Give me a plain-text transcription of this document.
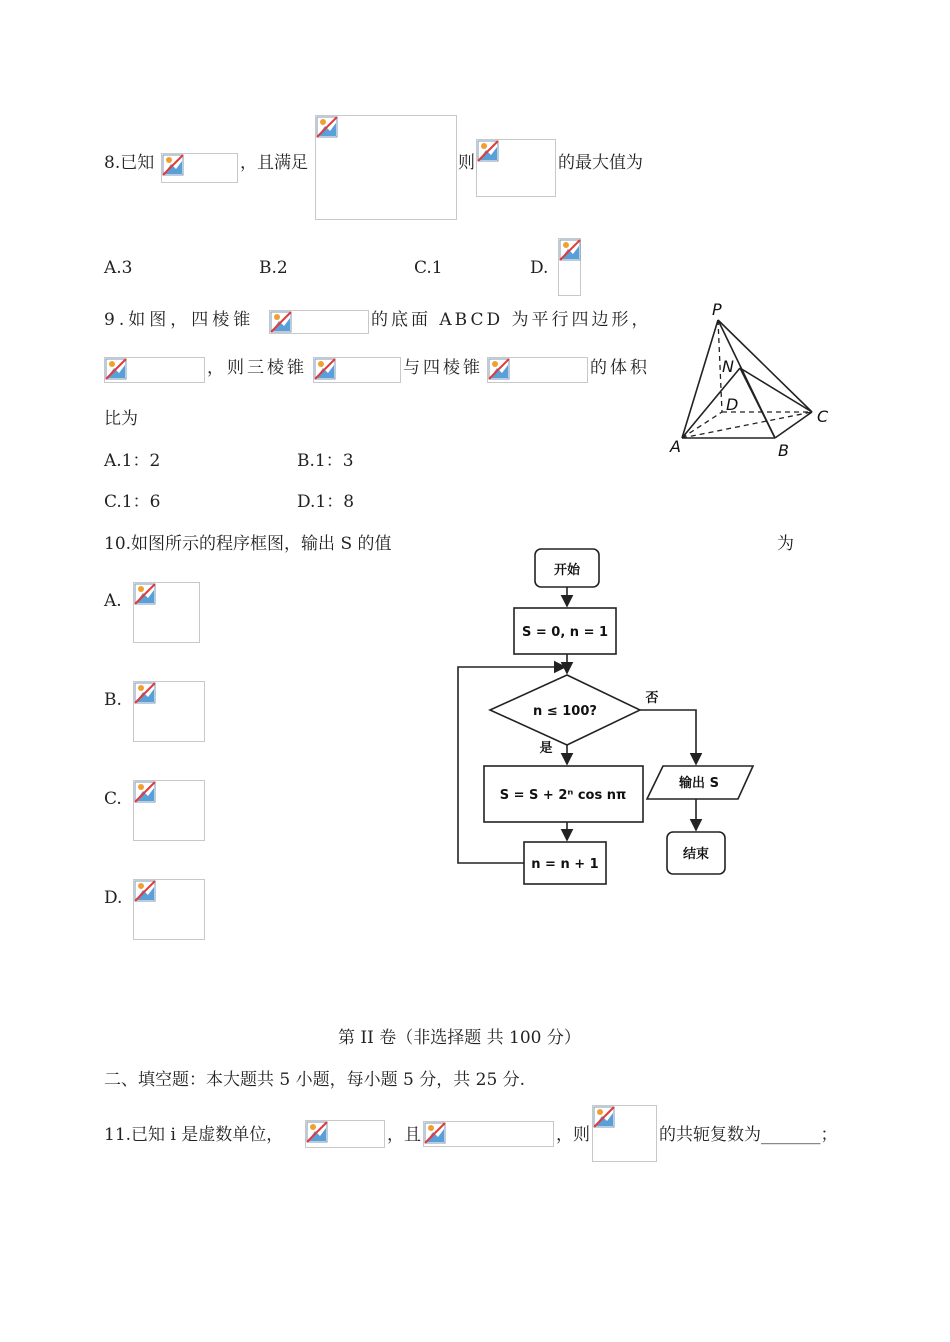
8.已知	，且满足	则	的最大值为
A.3	B.2	C.1	D.
9.如图，四棱锥	的底面 ABCD 为平行四边形，
，则三棱锥	与四棱锥	的体积
比为
A.1：2	B.1：3
C.1：6	D.1：8
P
N
D
C
A	B
10.如图所示的程序框图，输出 S 的值	为
A.
B.
C.
D.
开始
S = 0, n = 1
n ≤ 100?
S = S + 2ⁿ cos nπ
n = n + 1
输出 S
结束
否
是
第 II 卷（非选择题 共 100 分）
二、填空题：本大题共 5 小题，每小题 5 分，共 25 分.
11.已知 i 是虚数单位，	，且	，则	的共轭复数为_______；
